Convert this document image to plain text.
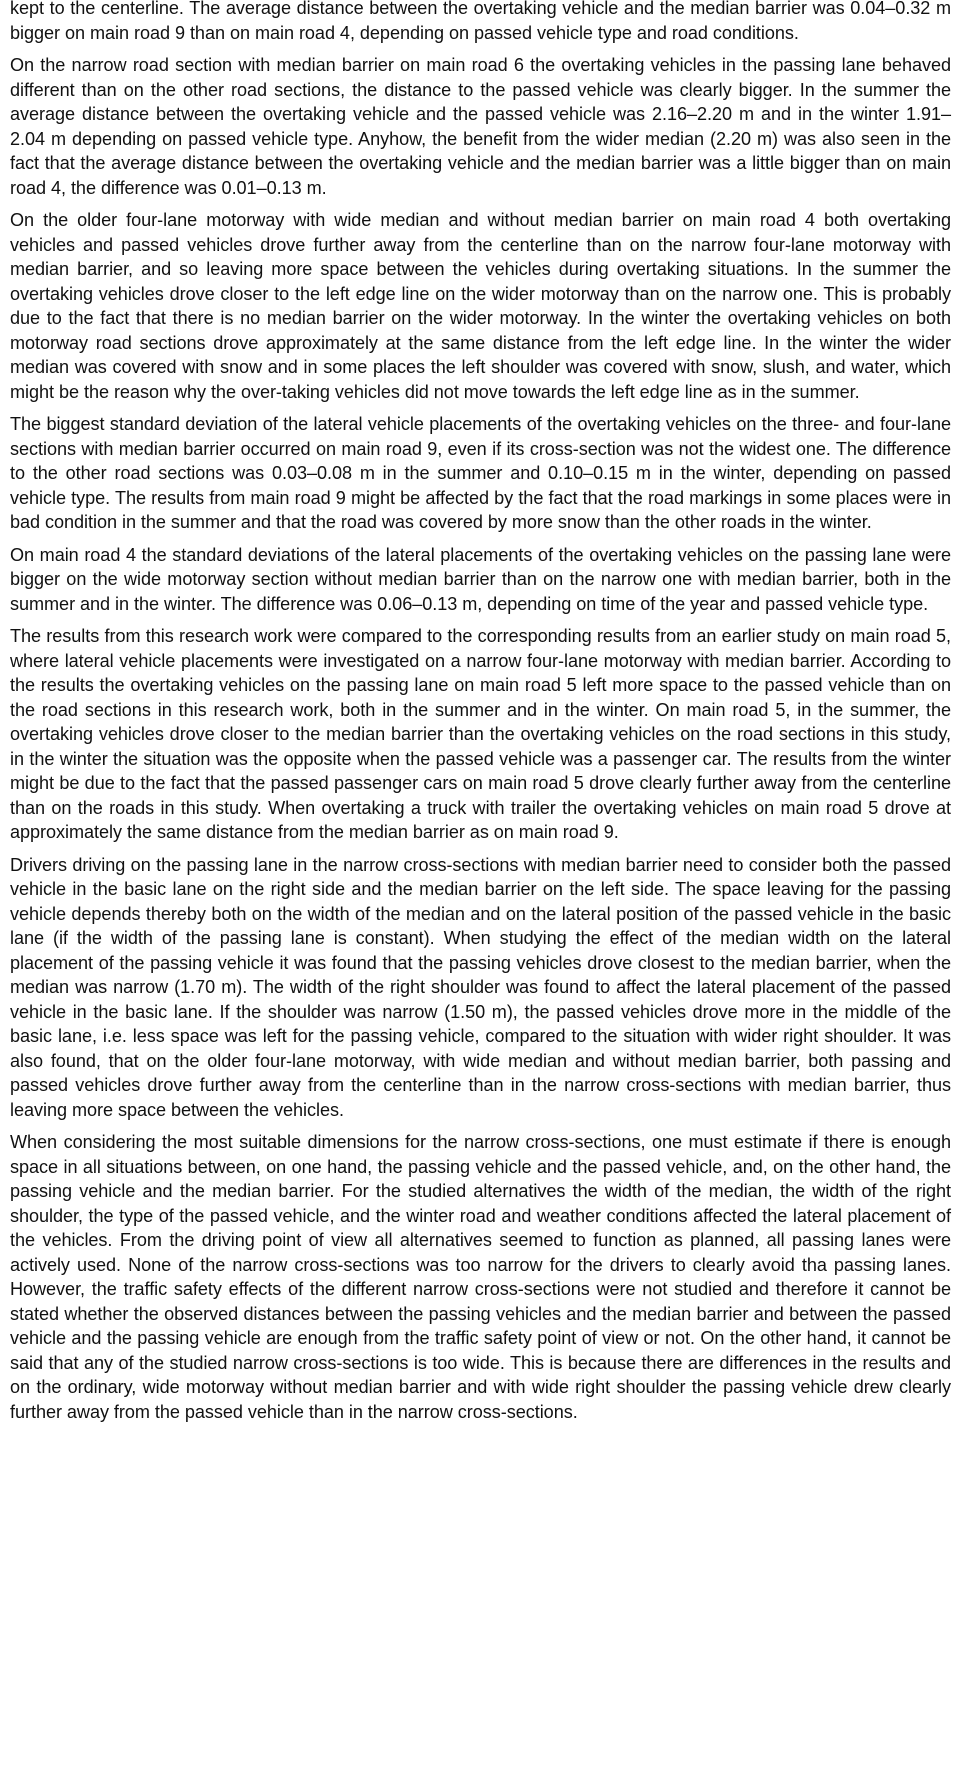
kept to the centerline. The average distance between the overtaking vehicle and the median barrier was 0.04–0.32 m bigger on main road 9 than on main road 4, depending on passed vehicle type and road conditions.

On the narrow road section with median barrier on main road 6 the overtaking vehicles in the passing lane behaved different than on the other road sections, the distance to the passed vehicle was clearly bigger. In the summer the average distance between the overtaking vehicle and the passed vehicle was 2.16–2.20 m and in the winter 1.91–2.04 m depending on passed vehicle type. Anyhow, the benefit from the wider median (2.20 m) was also seen in the fact that the average distance between the overtaking vehicle and the median barrier was a little bigger than on main road 4, the difference was 0.01–0.13 m.

On the older four-lane motorway with wide median and without median barrier on main road 4 both overtaking vehicles and passed vehicles drove further away from the centerline than on the narrow four-lane motorway with median barrier, and so leaving more space between the vehicles during overtaking situations. In the summer the overtaking vehicles drove closer to the left edge line on the wider motorway than on the narrow one. This is probably due to the fact that there is no median barrier on the wider motorway. In the winter the overtaking vehicles on both motorway road sections drove approximately at the same distance from the left edge line. In the winter the wider median was covered with snow and in some places the left shoulder was covered with snow, slush, and water, which might be the reason why the over-taking vehicles did not move towards the left edge line as in the summer.

The biggest standard deviation of the lateral vehicle placements of the overtaking vehicles on the three- and four-lane sections with median barrier occurred on main road 9, even if its cross-section was not the widest one. The difference to the other road sections was 0.03–0.08 m in the summer and 0.10–0.15 m in the winter, depending on passed vehicle type. The results from main road 9 might be affected by the fact that the road markings in some places were in bad condition in the summer and that the road was covered by more snow than the other roads in the winter.

On main road 4 the standard deviations of the lateral placements of the overtaking vehicles on the passing lane were bigger on the wide motorway section without median barrier than on the narrow one with median barrier, both in the summer and in the winter. The difference was 0.06–0.13 m, depending on time of the year and passed vehicle type.

The results from this research work were compared to the corresponding results from an earlier study on main road 5, where lateral vehicle placements were investigated on a narrow four-lane motorway with median barrier. According to the results the overtaking vehicles on the passing lane on main road 5 left more space to the passed vehicle than on the road sections in this research work, both in the summer and in the winter. On main road 5, in the summer, the overtaking vehicles drove closer to the median barrier than the overtaking vehicles on the road sections in this study, in the winter the situation was the opposite when the passed vehicle was a passenger car. The results from the winter might be due to the fact that the passed passenger cars on main road 5 drove clearly further away from the centerline than on the roads in this study. When overtaking a truck with trailer the overtaking vehicles on main road 5 drove at approximately the same distance from the median barrier as on main road 9.

Drivers driving on the passing lane in the narrow cross-sections with median barrier need to consider both the passed vehicle in the basic lane on the right side and the median barrier on the left side. The space leaving for the passing vehicle depends thereby both on the width of the median and on the lateral position of the passed vehicle in the basic lane (if the width of the passing lane is constant). When studying the effect of the median width on the lateral placement of the passing vehicle it was found that the passing vehicles drove closest to the median barrier, when the median was narrow (1.70 m). The width of the right shoulder was found to affect the lateral placement of the passed vehicle in the basic lane. If the shoulder was narrow (1.50 m), the passed vehicles drove more in the middle of the basic lane, i.e. less space was left for the passing vehicle, compared to the situation with wider right shoulder. It was also found, that on the older four-lane motorway, with wide median and without median barrier, both passing and passed vehicles drove further away from the centerline than in the narrow cross-sections with median barrier, thus leaving more space between the vehicles.

When considering the most suitable dimensions for the narrow cross-sections, one must estimate if there is enough space in all situations between, on one hand, the passing vehicle and the passed vehicle, and, on the other hand, the passing vehicle and the median barrier. For the studied alternatives the width of the median, the width of the right shoulder, the type of the passed vehicle, and the winter road and weather conditions affected the lateral placement of the vehicles. From the driving point of view all alternatives seemed to function as planned, all passing lanes were actively used. None of the narrow cross-sections was too narrow for the drivers to clearly avoid tha passing lanes. However, the traffic safety effects of the different narrow cross-sections were not studied and therefore it cannot be stated whether the observed distances between the passing vehicles and the median barrier and between the passed vehicle and the passing vehicle are enough from the traffic safety point of view or not. On the other hand, it cannot be said that any of the studied narrow cross-sections is too wide. This is because there are differences in the results and on the ordinary, wide motorway without median barrier and with wide right shoulder the passing vehicle drew clearly further away from the passed vehicle than in the narrow cross-sections.
